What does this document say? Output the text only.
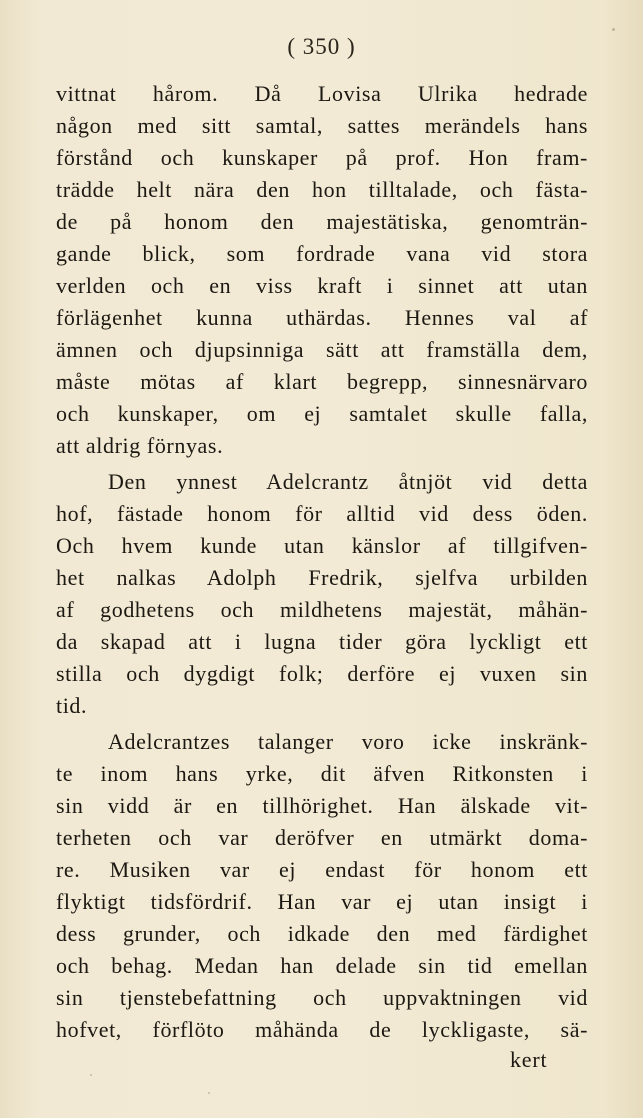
( 350 )
vittnat hårom. Då Lovisa Ulrika hedrade
någon med sitt samtal, sattes merändels hans
förstånd och kunskaper på prof. Hon fram-
trädde helt nära den hon tilltalade, och fästa-
de på honom den majestätiska, genomträn-
gande blick, som fordrade vana vid stora
verlden och en viss kraft i sinnet att utan
förlägenhet kunna uthärdas. Hennes val af
ämnen och djupsinniga sätt att framställa dem,
måste mötas af klart begrepp, sinnesnärvaro
och kunskaper, om ej samtalet skulle falla,
att aldrig förnyas.
Den ynnest Adelcrantz åtnjöt vid detta
hof, fästade honom för alltid vid dess öden.
Och hvem kunde utan känslor af tillgifven-
het nalkas Adolph Fredrik, sjelfva urbilden
af godhetens och mildhetens majestät, måhän-
da skapad att i lugna tider göra lyckligt ett
stilla och dygdigt folk; derföre ej vuxen sin
tid.
Adelcrantzes talanger voro icke inskränk-
te inom hans yrke, dit äfven Ritkonsten i
sin vidd är en tillhörighet. Han älskade vit-
terheten och var deröfver en utmärkt doma-
re. Musiken var ej endast för honom ett
flyktigt tidsfördrif. Han var ej utan insigt i
dess grunder, och idkade den med färdighet
och behag. Medan han delade sin tid emellan
sin tjenstebefattning och uppvaktningen vid
hofvet, förflöto måhända de lyckligaste, sä-
kert
